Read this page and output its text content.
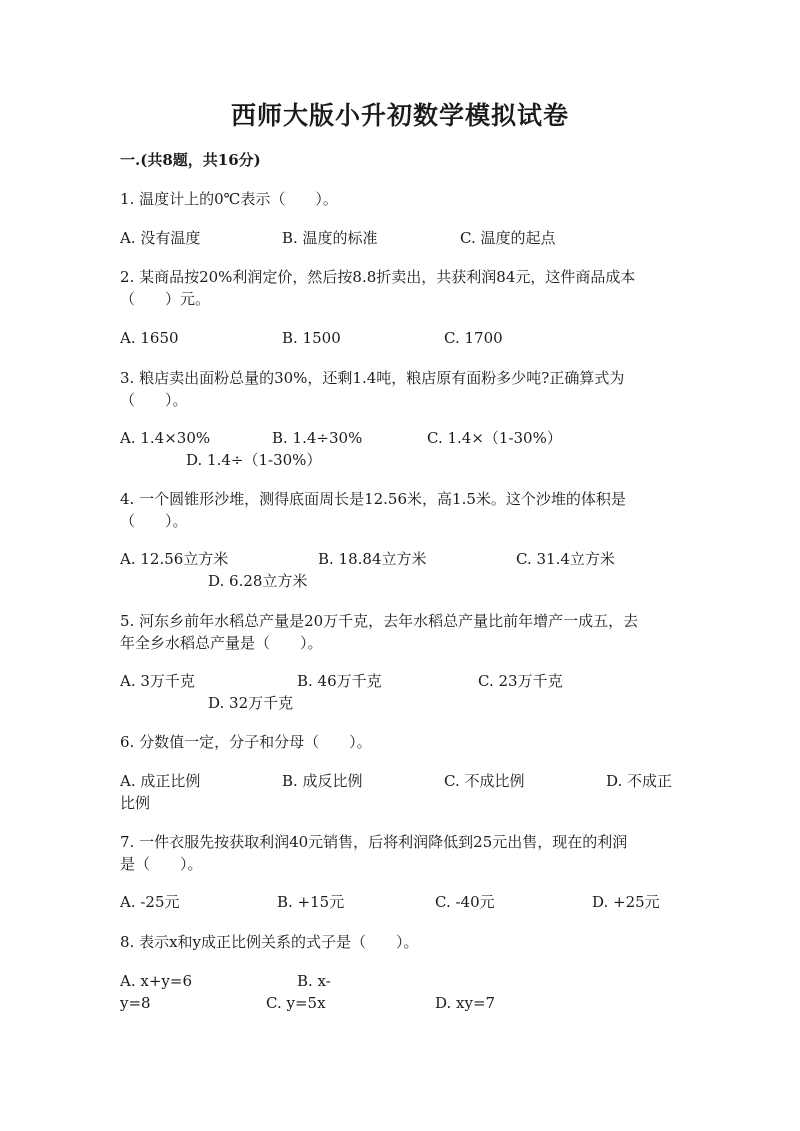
西师大版小升初数学模拟试卷
一.(共8题，共16分)
1. 温度计上的0℃表示（　　）。
A. 没有温度	B. 温度的标准	C. 温度的起点
2. 某商品按20%利润定价，然后按8.8折卖出，共获利润84元，这件商品成本
（　　）元。
A. 1650	B. 1500	C. 1700
3. 粮店卖出面粉总量的30%，还剩1.4吨，粮店原有面粉多少吨?正确算式为
（　　）。
A. 1.4×30%	B. 1.4÷30%	C. 1.4×（1-30%）
D. 1.4÷（1-30%）
4. 一个圆锥形沙堆，测得底面周长是12.56米，高1.5米。这个沙堆的体积是
（　　）。
A. 12.56立方米	B. 18.84立方米	C. 31.4立方米
D. 6.28立方米
5. 河东乡前年水稻总产量是20万千克，去年水稻总产量比前年增产一成五，去
年全乡水稻总产量是（　　）。
A. 3万千克	B. 46万千克	C. 23万千克
D. 32万千克
6. 分数值一定，分子和分母（　　）。
A. 成正比例	B. 成反比例	C. 不成比例	D. 不成正
比例
7. 一件衣服先按获取利润40元销售，后将利润降低到25元出售，现在的利润
是（　　）。
A. -25元	B. +15元	C. -40元	D. +25元
8. 表示x和y成正比例关系的式子是（　　）。
A. x+y=6	B. x-
y=8	C. y=5x	D. xy=7
